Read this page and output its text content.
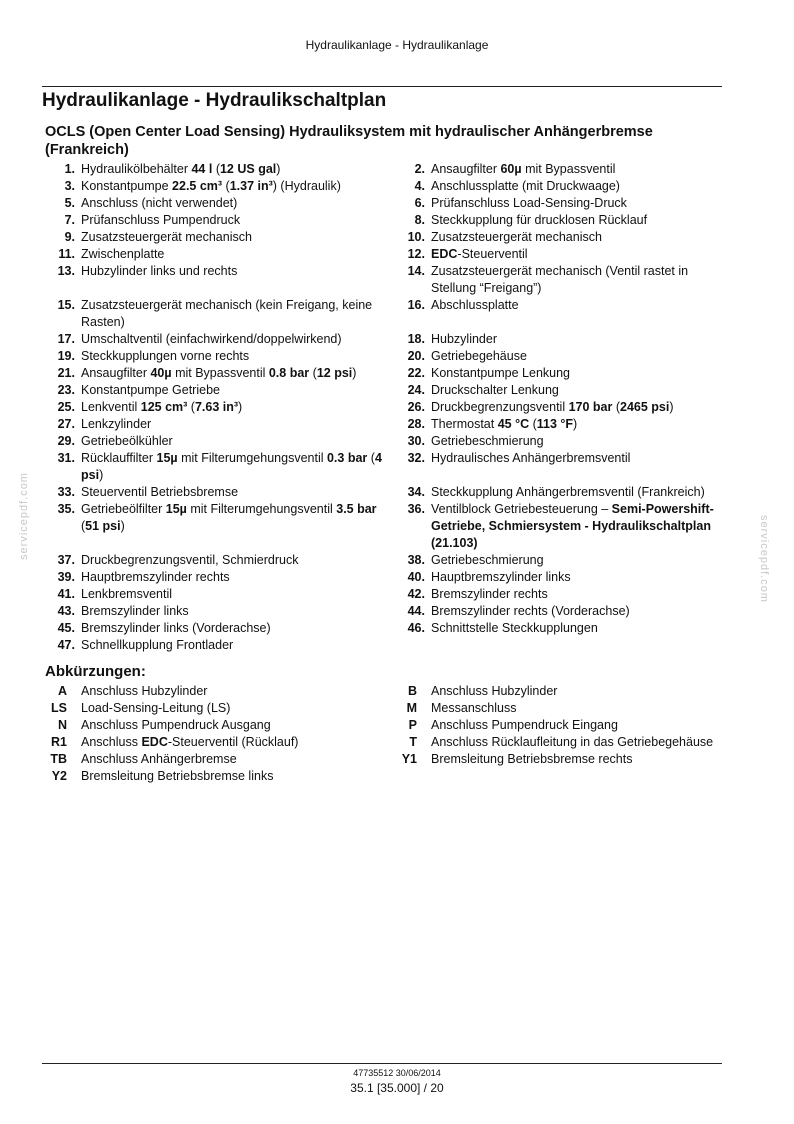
Hydraulikanlage - Hydraulikanlage
Hydraulikanlage - Hydraulikschaltplan
OCLS (Open Center Load Sensing) Hydrauliksystem mit hydraulischer Anhängerbremse (Frankreich)
1. Hydraulikölbehälter 44 l (12 US gal)	2. Ansaugfilter 60µ mit Bypassventil
3. Konstantpumpe 22.5 cm³ (1.37 in³) (Hydraulik)	4. Anschlussplatte (mit Druckwaage)
5. Anschluss (nicht verwendet)	6. Prüfanschluss Load-Sensing-Druck
7. Prüfanschluss Pumpendruck	8. Steckkupplung für drucklosen Rücklauf
9. Zusatzsteuergerät mechanisch	10. Zusatzsteuergerät mechanisch
11. Zwischenplatte	12. EDC-Steuerventil
13. Hubzylinder links und rechts	14. Zusatzsteuergerät mechanisch (Ventil rastet in Stellung “Freigang”)
15. Zusatzsteuergerät mechanisch (kein Freigang, keine Rasten)
16. Abschlussplatte
17. Umschaltventil (einfachwirkend/doppelwirkend)	18. Hubzylinder
19. Steckkupplungen vorne rechts	20. Getriebegehäuse
21. Ansaugfilter 40µ mit Bypassventil 0.8 bar (12 psi)	22. Konstantpumpe Lenkung
23. Konstantpumpe Getriebe	24. Druckschalter Lenkung
25. Lenkventil 125 cm³ (7.63 in³)	26. Druckbegrenzungsventil 170 bar (2465 psi)
27. Lenkzylinder	28. Thermostat 45 °C (113 °F)
29. Getriebeölkühler	30. Getriebeschmierung
31. Rücklauffilter 15µ mit Filterumgehungsventil 0.3 bar (4 psi)
32. Hydraulisches Anhängerbremsventil
33. Steuerventil Betriebsbremse	34. Steckkupplung Anhängerbremsventil (Frankreich)
35. Getriebeölfilter 15µ mit Filterumgehungsventil 3.5 bar (51 psi)
36. Ventilblock Getriebesteuerung – Semi-Powershift-Getriebe, Schmiersystem - Hydraulikschaltplan (21.103)
37. Druckbegrenzungsventil, Schmierdruck	38. Getriebeschmierung
39. Hauptbremszylinder rechts	40. Hauptbremszylinder links
41. Lenkbremsventil	42. Bremszylinder rechts
43. Bremszylinder links	44. Bremszylinder rechts (Vorderachse)
45. Bremszylinder links (Vorderachse)	46. Schnittstelle Steckkupplungen
47. Schnellkupplung Frontlader
Abkürzungen:
A	Anschluss Hubzylinder	B	Anschluss Hubzylinder
LS	Load-Sensing-Leitung (LS)	M	Messanschluss
N	Anschluss Pumpendruck Ausgang	P	Anschluss Pumpendruck Eingang
R1	Anschluss EDC-Steuerventil (Rücklauf)	T	Anschluss Rücklaufleitung in das Getriebegehäuse
TB	Anschluss Anhängerbremse	Y1	Bremsleitung Betriebsbremse rechts
Y2	Bremsleitung Betriebsbremse links
servicepdf.com	servicepdf.com
47735512 30/06/2014
35.1 [35.000] / 20
